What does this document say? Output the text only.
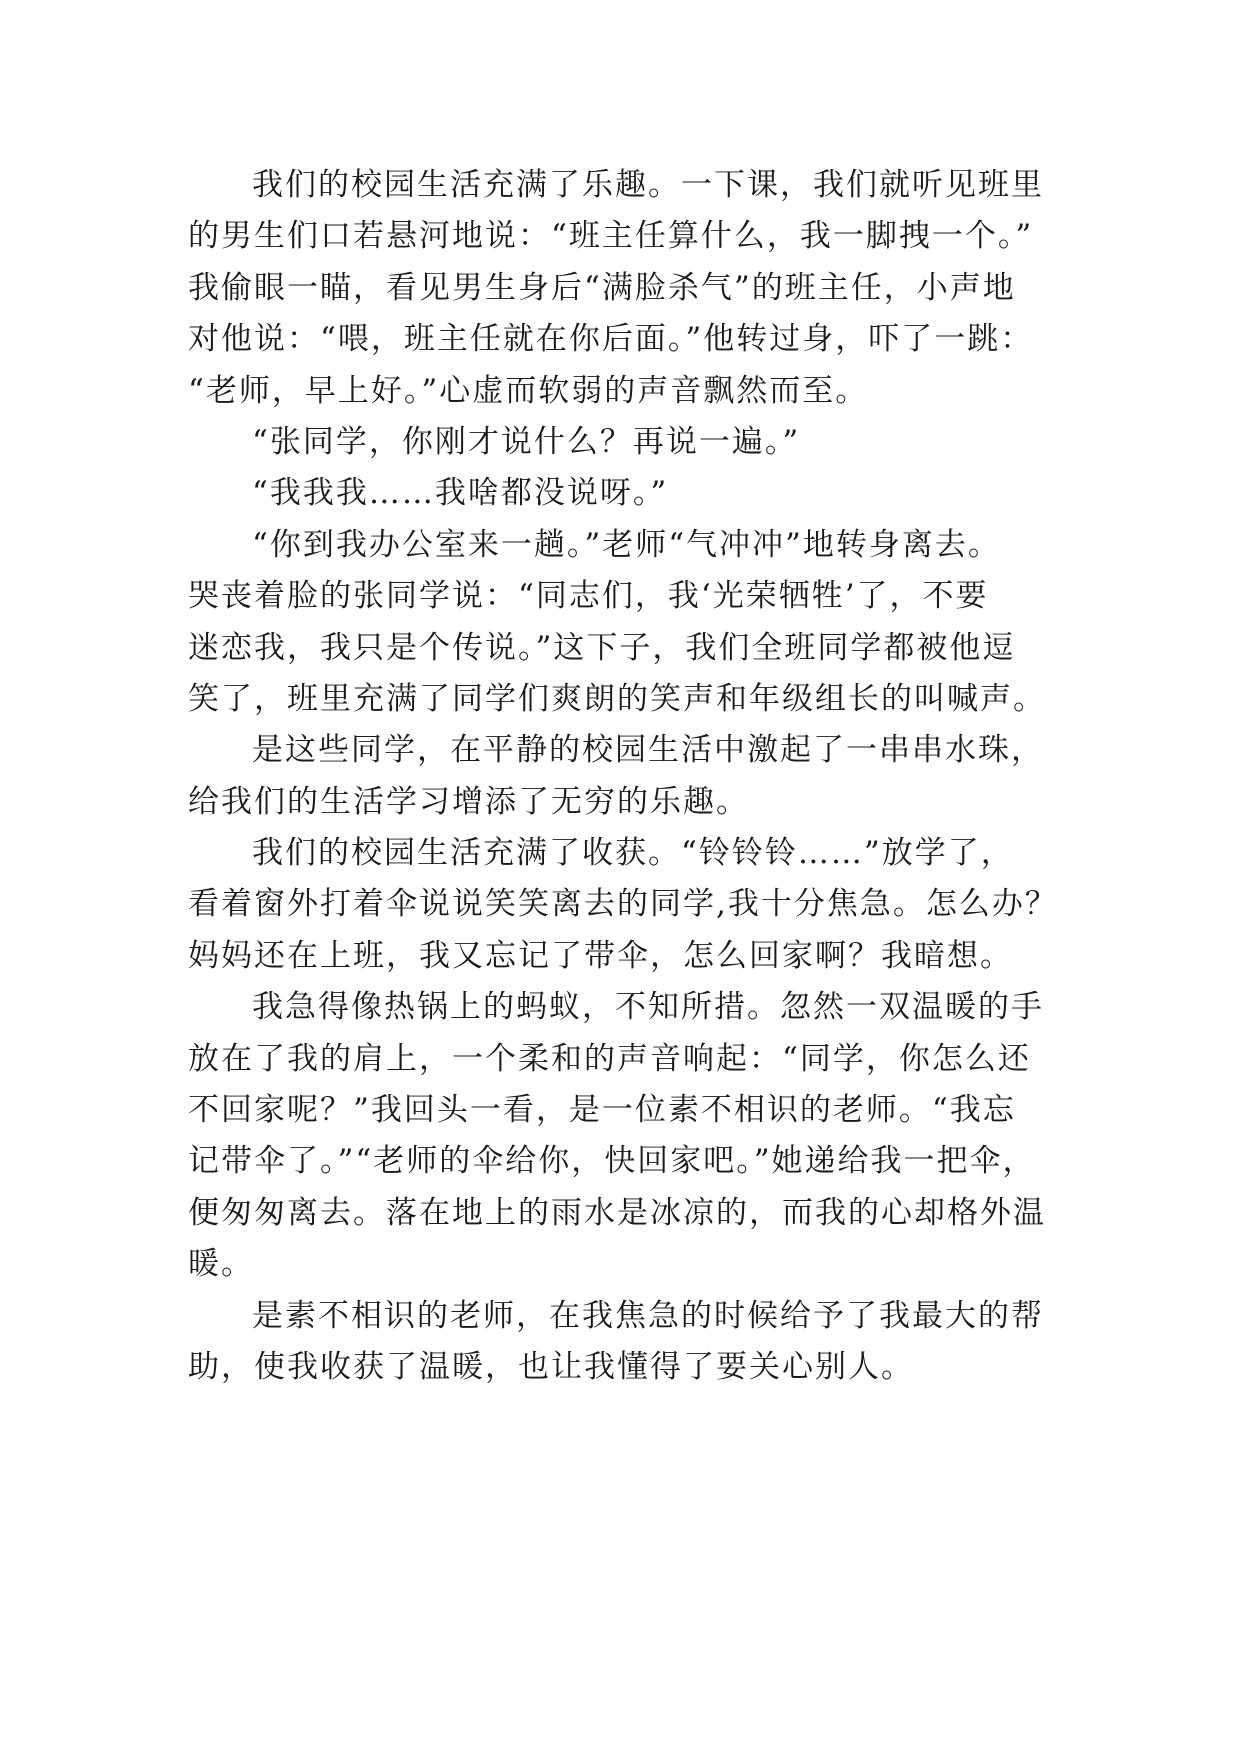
我们的校园生活充满了乐趣。一下课，我们就听见班里
的男生们口若悬河地说：“班主任算什么，我一脚拽一个。”
我偷眼一瞄，看见男生身后“满脸杀气”的班主任，小声地
对他说：“喂，班主任就在你后面。”他转过身，吓了一跳：
“老师，早上好。”心虚而软弱的声音飘然而至。
“张同学，你刚才说什么？再说一遍。”
“我我我……我啥都没说呀。”
“你到我办公室来一趟。”老师“气冲冲”地转身离去。
哭丧着脸的张同学说：“同志们，我‘光荣牺牲’了，不要
迷恋我，我只是个传说。”这下子，我们全班同学都被他逗
笑了，班里充满了同学们爽朗的笑声和年级组长的叫喊声。
是这些同学，在平静的校园生活中激起了一串串水珠，
给我们的生活学习增添了无穷的乐趣。
我们的校园生活充满了收获。“铃铃铃……”放学了，
看着窗外打着伞说说笑笑离去的同学,我十分焦急。怎么办？
妈妈还在上班，我又忘记了带伞，怎么回家啊？我暗想。
我急得像热锅上的蚂蚁，不知所措。忽然一双温暖的手
放在了我的肩上，一个柔和的声音响起：“同学，你怎么还
不回家呢？”我回头一看，是一位素不相识的老师。“我忘
记带伞了。”“老师的伞给你，快回家吧。”她递给我一把伞，
便匆匆离去。落在地上的雨水是冰凉的，而我的心却格外温
暖。
是素不相识的老师，在我焦急的时候给予了我最大的帮
助，使我收获了温暖，也让我懂得了要关心别人。
